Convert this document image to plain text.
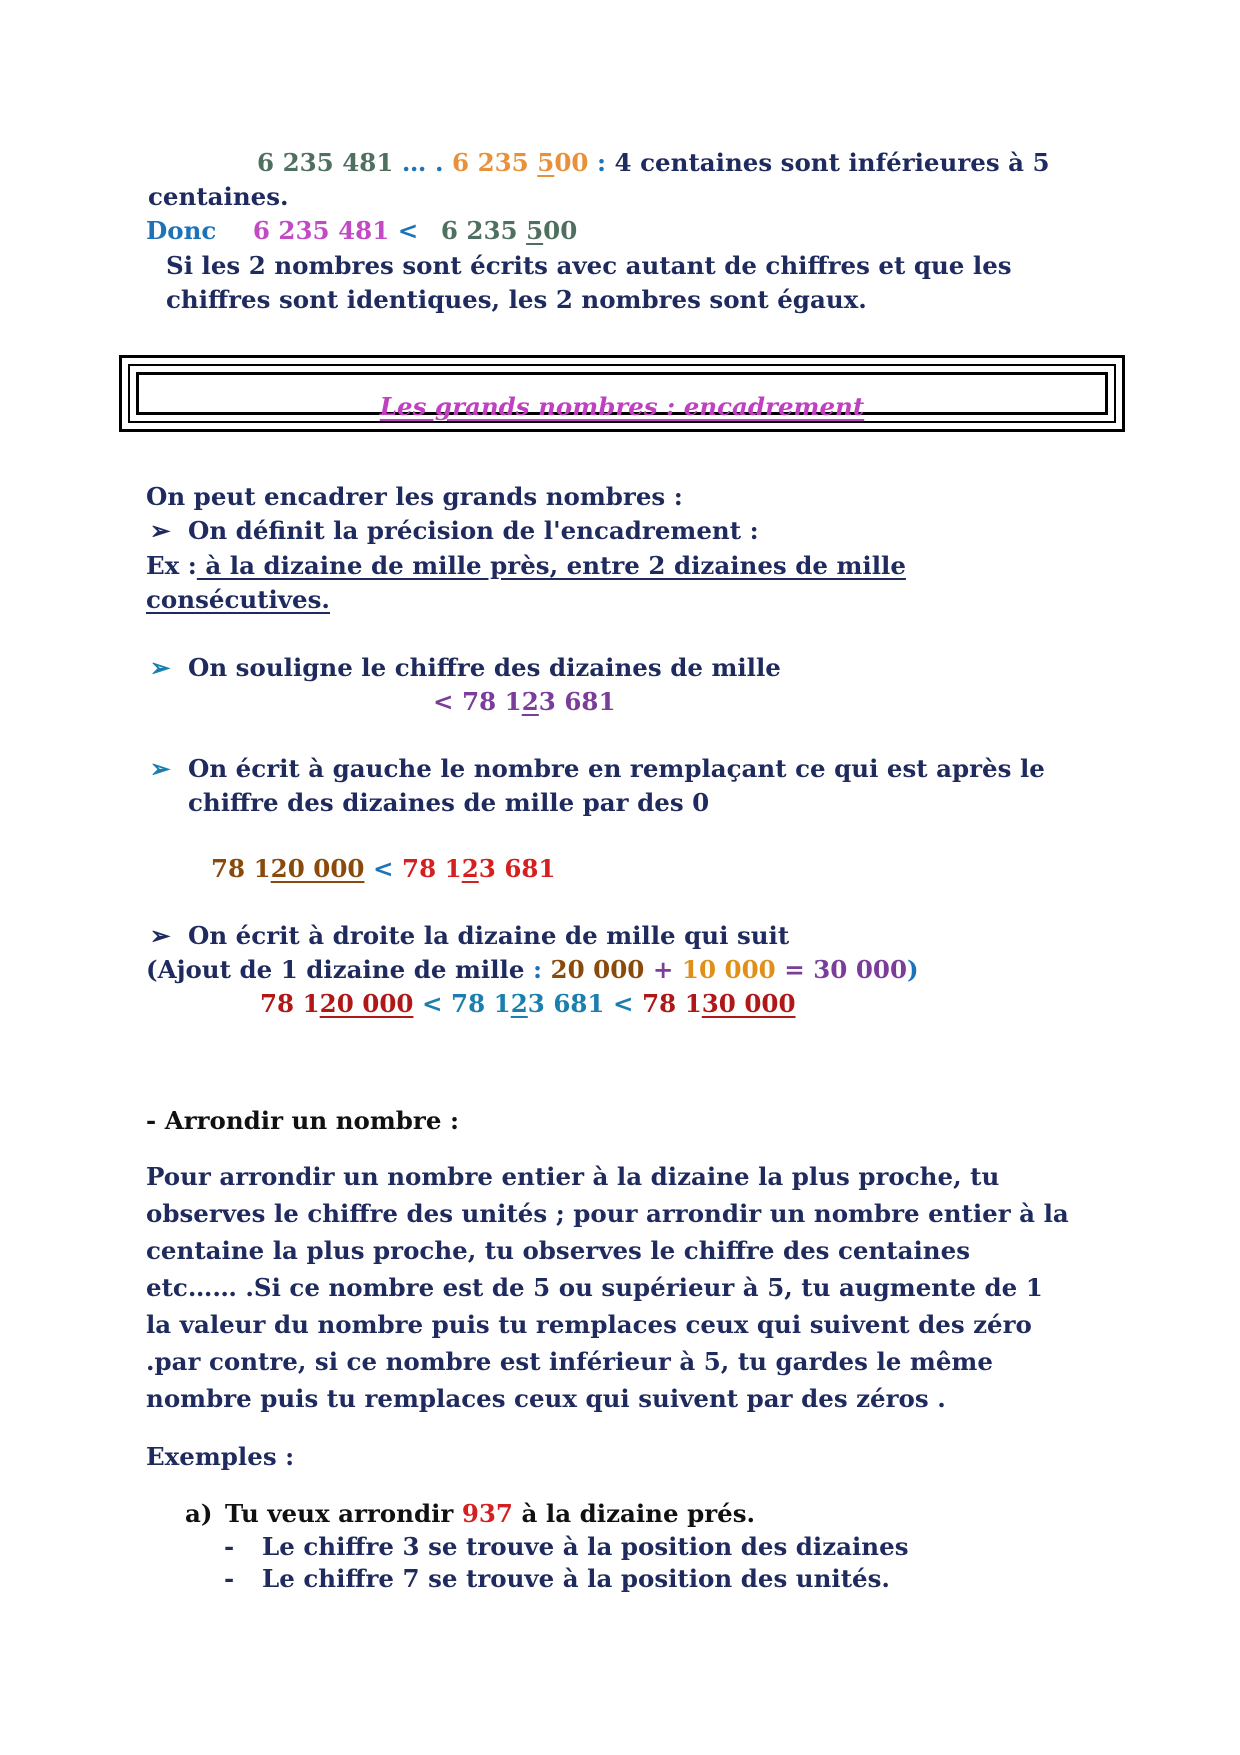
6 235 481 … . 6 235 500 : 4 centaines sont inférieures à 5
centaines.
Donc 6 235 481 < 6 235 500
Si les 2 nombres sont écrits avec autant de chiffres et que les
chiffres sont identiques, les 2 nombres sont égaux.
Les grands nombres : encadrement
On peut encadrer les grands nombres :
➢ On définit la précision de l'encadrement :
Ex : à la dizaine de mille près, entre 2 dizaines de mille
consécutives.
➢ On souligne le chiffre des dizaines de mille
< 78 123 681
➢ On écrit à gauche le nombre en remplaçant ce qui est après le
chiffre des dizaines de mille par des 0
78 120 000 < 78 123 681
➢ On écrit à droite la dizaine de mille qui suit
(Ajout de 1 dizaine de mille : 20 000 + 10 000 = 30 000)
78 120 000 < 78 123 681 < 78 130 000
- Arrondir un nombre :
Pour arrondir un nombre entier à la dizaine la plus proche, tu
observes le chiffre des unités ; pour arrondir un nombre entier à la
centaine la plus proche, tu observes le chiffre des centaines
etc…… .Si ce nombre est de 5 ou supérieur à 5, tu augmente de 1
la valeur du nombre puis tu remplaces ceux qui suivent des zéro
.par contre, si ce nombre est inférieur à 5, tu gardes le même
nombre puis tu remplaces ceux qui suivent par des zéros .
Exemples :
a) Tu veux arrondir 937 à la dizaine prés.
- Le chiffre 3 se trouve à la position des dizaines
- Le chiffre 7 se trouve à la position des unités.
